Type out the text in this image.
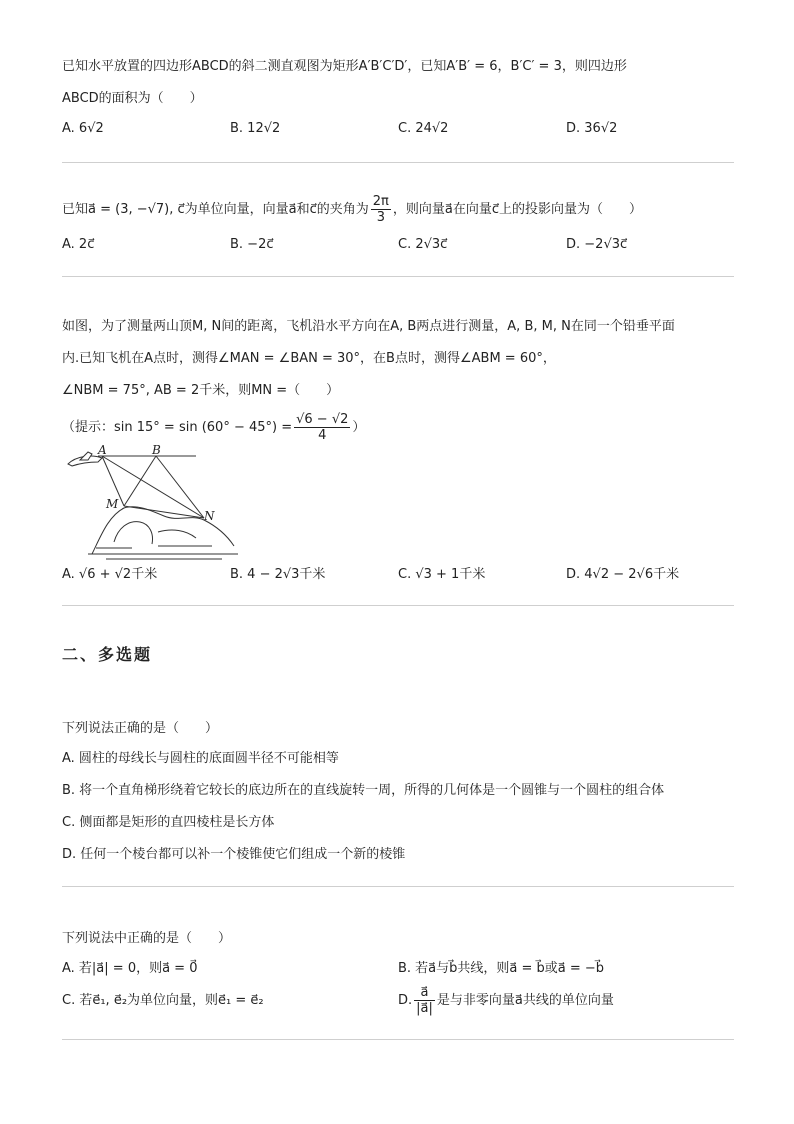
已知水平放置的四边形ABCD的斜二测直观图为矩形A′B′C′D′，已知A′B′ = 6，B′C′ = 3，则四边形
ABCD的面积为（　　）
A. 6√2	B. 12√2	C. 24√2	D. 36√2
已知a⃗ = (3, −√7), c⃗为单位向量，向量a⃗和c⃗的夹角为 $\frac{2\pi}{3}$ ，则向量a⃗在向量c⃗上的投影向量为（　　）
A. 2c⃗	B. −2c⃗	C. 2√3c⃗	D. −2√3c⃗
如图，为了测量两山顶M, N间的距离，飞机沿水平方向在A, B两点进行测量，A, B, M, N在同一个铅垂平面
内.已知飞机在A点时，测得∠MAN = ∠BAN = 30°，在B点时，测得∠ABM = 60°，
∠NBM = 75°, AB = 2千米，则MN =（　　）
（提示：$\sin 15^\circ = \sin (60^\circ - 45^\circ) = \frac{√6 - √2}{4}$ ）
A. √6 + √2千米	B. 4 − 2√3千米	C. √3 + 1千米	D. 4√2 − 2√6千米
A	B
M
N
二、多选题
下列说法正确的是（　　）
A. 圆柱的母线长与圆柱的底面圆半径不可能相等
B. 将一个直角梯形绕着它较长的底边所在的直线旋转一周，所得的几何体是一个圆锥与一个圆柱的组合体
C. 侧面都是矩形的直四棱柱是长方体
D. 任何一个棱台都可以补一个棱锥使它们组成一个新的棱锥
下列说法中正确的是（　　）
A. 若|a⃗| = 0，则a⃗ = 0⃗	B. 若a⃗与b⃗共线，则a⃗ = b⃗或a⃗ = −b⃗
C. 若e⃗₁, e⃗₂为单位向量，则e⃗₁ = e⃗₂	D. $\frac{a⃗}{|a⃗|}$ 是与非零向量a⃗共线的单位向量
